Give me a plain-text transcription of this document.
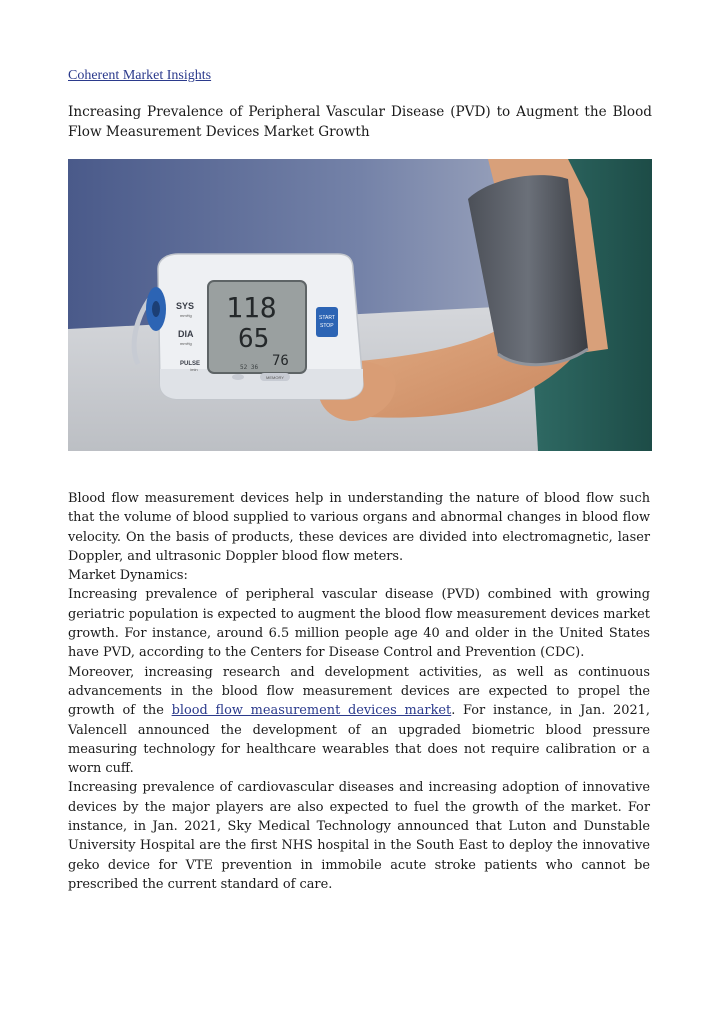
Coherent Market Insights
Increasing Prevalence of Peripheral Vascular Disease (PVD) to Augment the Blood Flow Measurement Devices Market Growth
SYS
mmHg
DIA
mmHg
PULSE
/min
118
65
76
52 36
START
STOP
MEMORY

Blood flow measurement devices help in understanding the nature of blood flow such that the volume of blood supplied to various organs and abnormal changes in blood flow velocity. On the basis of products, these devices are divided into electromagnetic, laser Doppler, and ultrasonic Doppler blood flow meters.

Market Dynamics:

Increasing prevalence of peripheral vascular disease (PVD) combined with growing geriatric population is expected to augment the blood flow measurement devices market growth. For instance, around 6.5 million people age 40 and older in the United States have PVD, according to the Centers for Disease Control and Prevention (CDC).

Moreover, increasing research and development activities, as well as continuous advancements in the blood flow measurement devices are expected to propel the growth of the blood flow measurement devices market. For instance, in Jan. 2021, Valencell announced the development of an upgraded biometric blood pressure measuring technology for healthcare wearables that does not require calibration or a worn cuff.

Increasing prevalence of cardiovascular diseases and increasing adoption of innovative devices by the major players are also expected to fuel the growth of the market. For instance, in Jan. 2021, Sky Medical Technology announced that Luton and Dunstable University Hospital are the first NHS hospital in the South East to deploy the innovative geko device for VTE prevention in immobile acute stroke patients who cannot be prescribed the current standard of care.
